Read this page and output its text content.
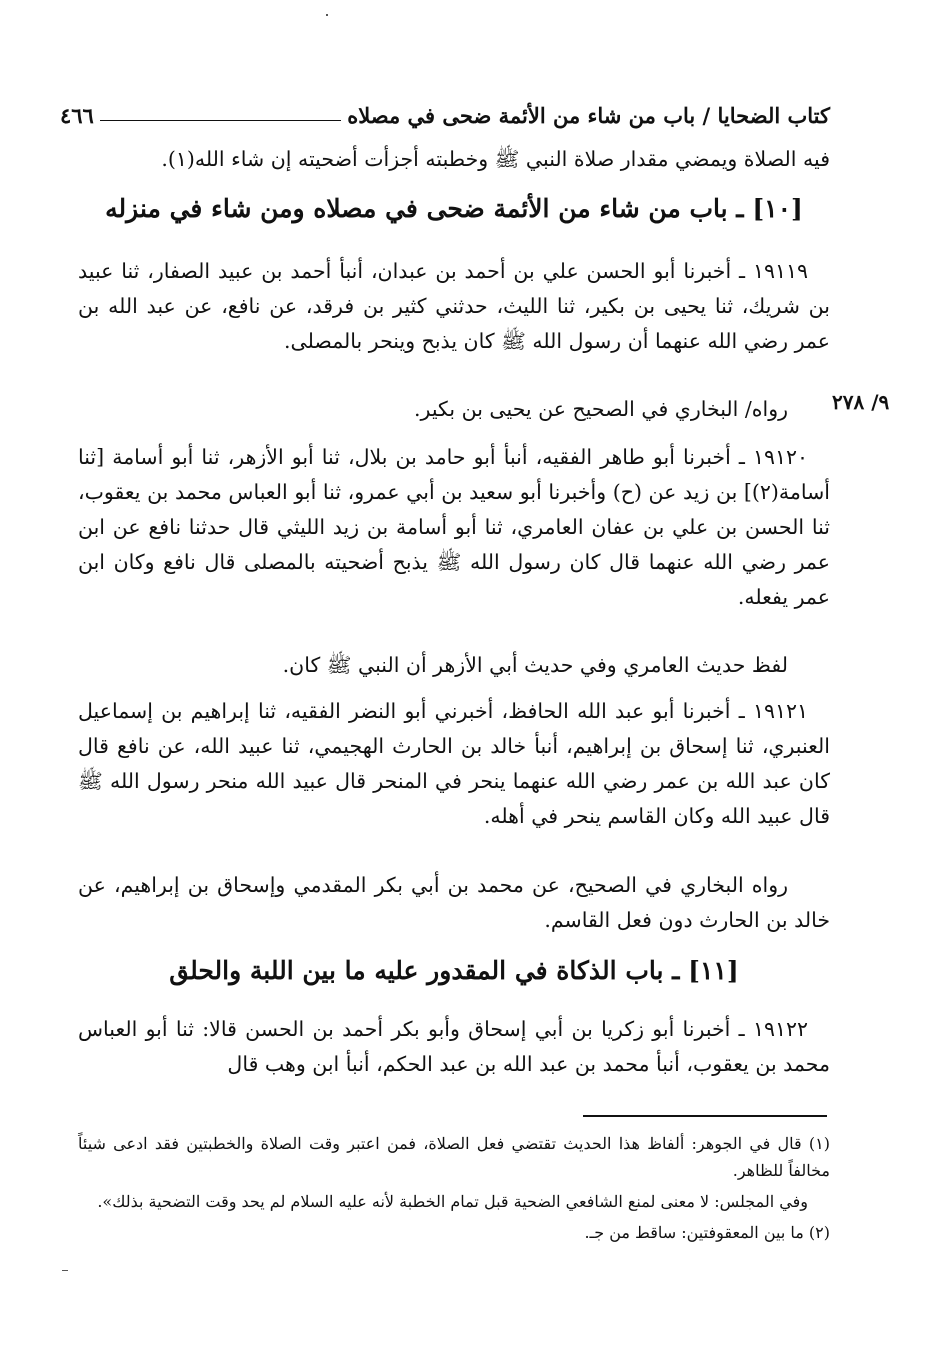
كتاب الضحايا / باب من شاء من الأئمة ضحى في مصلاه
٤٦٦

فيه الصلاة ويمضي مقدار صلاة النبي ﷺ وخطبته أجزأت أضحيته إن شاء الله(١).

[١٠] ـ باب من شاء من الأئمة ضحى في مصلاه ومن شاء في منزله

١٩١١٩ ـ أخبرنا أبو الحسن علي بن أحمد بن عبدان، أنبأ أحمد بن عبيد الصفار، ثنا عبيد بن شريك، ثنا يحيى بن بكير، ثنا الليث، حدثني كثير بن فرقد، عن نافع، عن عبد الله بن عمر رضي الله عنهما أن رسول الله ﷺ كان يذبح وينحر بالمصلى.

٩/ ٢٧٨

رواه/ البخاري في الصحيح عن يحيى بن بكير.

١٩١٢٠ ـ أخبرنا أبو طاهر الفقيه، أنبأ أبو حامد بن بلال، ثنا أبو الأزهر، ثنا أبو أسامة [ثنا أسامة(٢)] بن زيد عن (ح) وأخبرنا أبو سعيد بن أبي عمرو، ثنا أبو العباس محمد بن يعقوب، ثنا الحسن بن علي بن عفان العامري، ثنا أبو أسامة بن زيد الليثي قال حدثنا نافع عن ابن عمر رضي الله عنهما قال كان رسول الله ﷺ يذبح أضحيته بالمصلى قال نافع وكان ابن عمر يفعله.

لفظ حديث العامري وفي حديث أبي الأزهر أن النبي ﷺ كان.

١٩١٢١ ـ أخبرنا أبو عبد الله الحافظ، أخبرني أبو النضر الفقيه، ثنا إبراهيم بن إسماعيل العنبري، ثنا إسحاق بن إبراهيم، أنبأ خالد بن الحارث الهجيمي، ثنا عبيد الله، عن نافع قال كان عبد الله بن عمر رضي الله عنهما ينحر في المنحر قال عبيد الله منحر رسول الله ﷺ قال عبيد الله وكان القاسم ينحر في أهله.

رواه البخاري في الصحيح، عن محمد بن أبي بكر المقدمي وإسحاق بن إبراهيم، عن خالد بن الحارث دون فعل القاسم.

[١١] ـ باب الذكاة في المقدور عليه ما بين اللبة والحلق

١٩١٢٢ ـ أخبرنا أبو زكريا بن أبي إسحاق وأبو بكر أحمد بن الحسن قالا: ثنا أبو العباس محمد بن يعقوب، أنبأ محمد بن عبد الله بن عبد الحكم، أنبأ ابن وهب قال

(١) قال في الجوهر: ألفاظ هذا الحديث تقتضي فعل الصلاة، فمن اعتبر وقت الصلاة والخطبتين فقد ادعى شيئاً مخالفاً للظاهر.

وفي المجلس: لا معنى لمنع الشافعي الضحية قبل تمام الخطبة لأنه عليه السلام لم يحد وقت التضحية بذلك».

(٢) ما بين المعقوفتين: ساقط من جـ.
